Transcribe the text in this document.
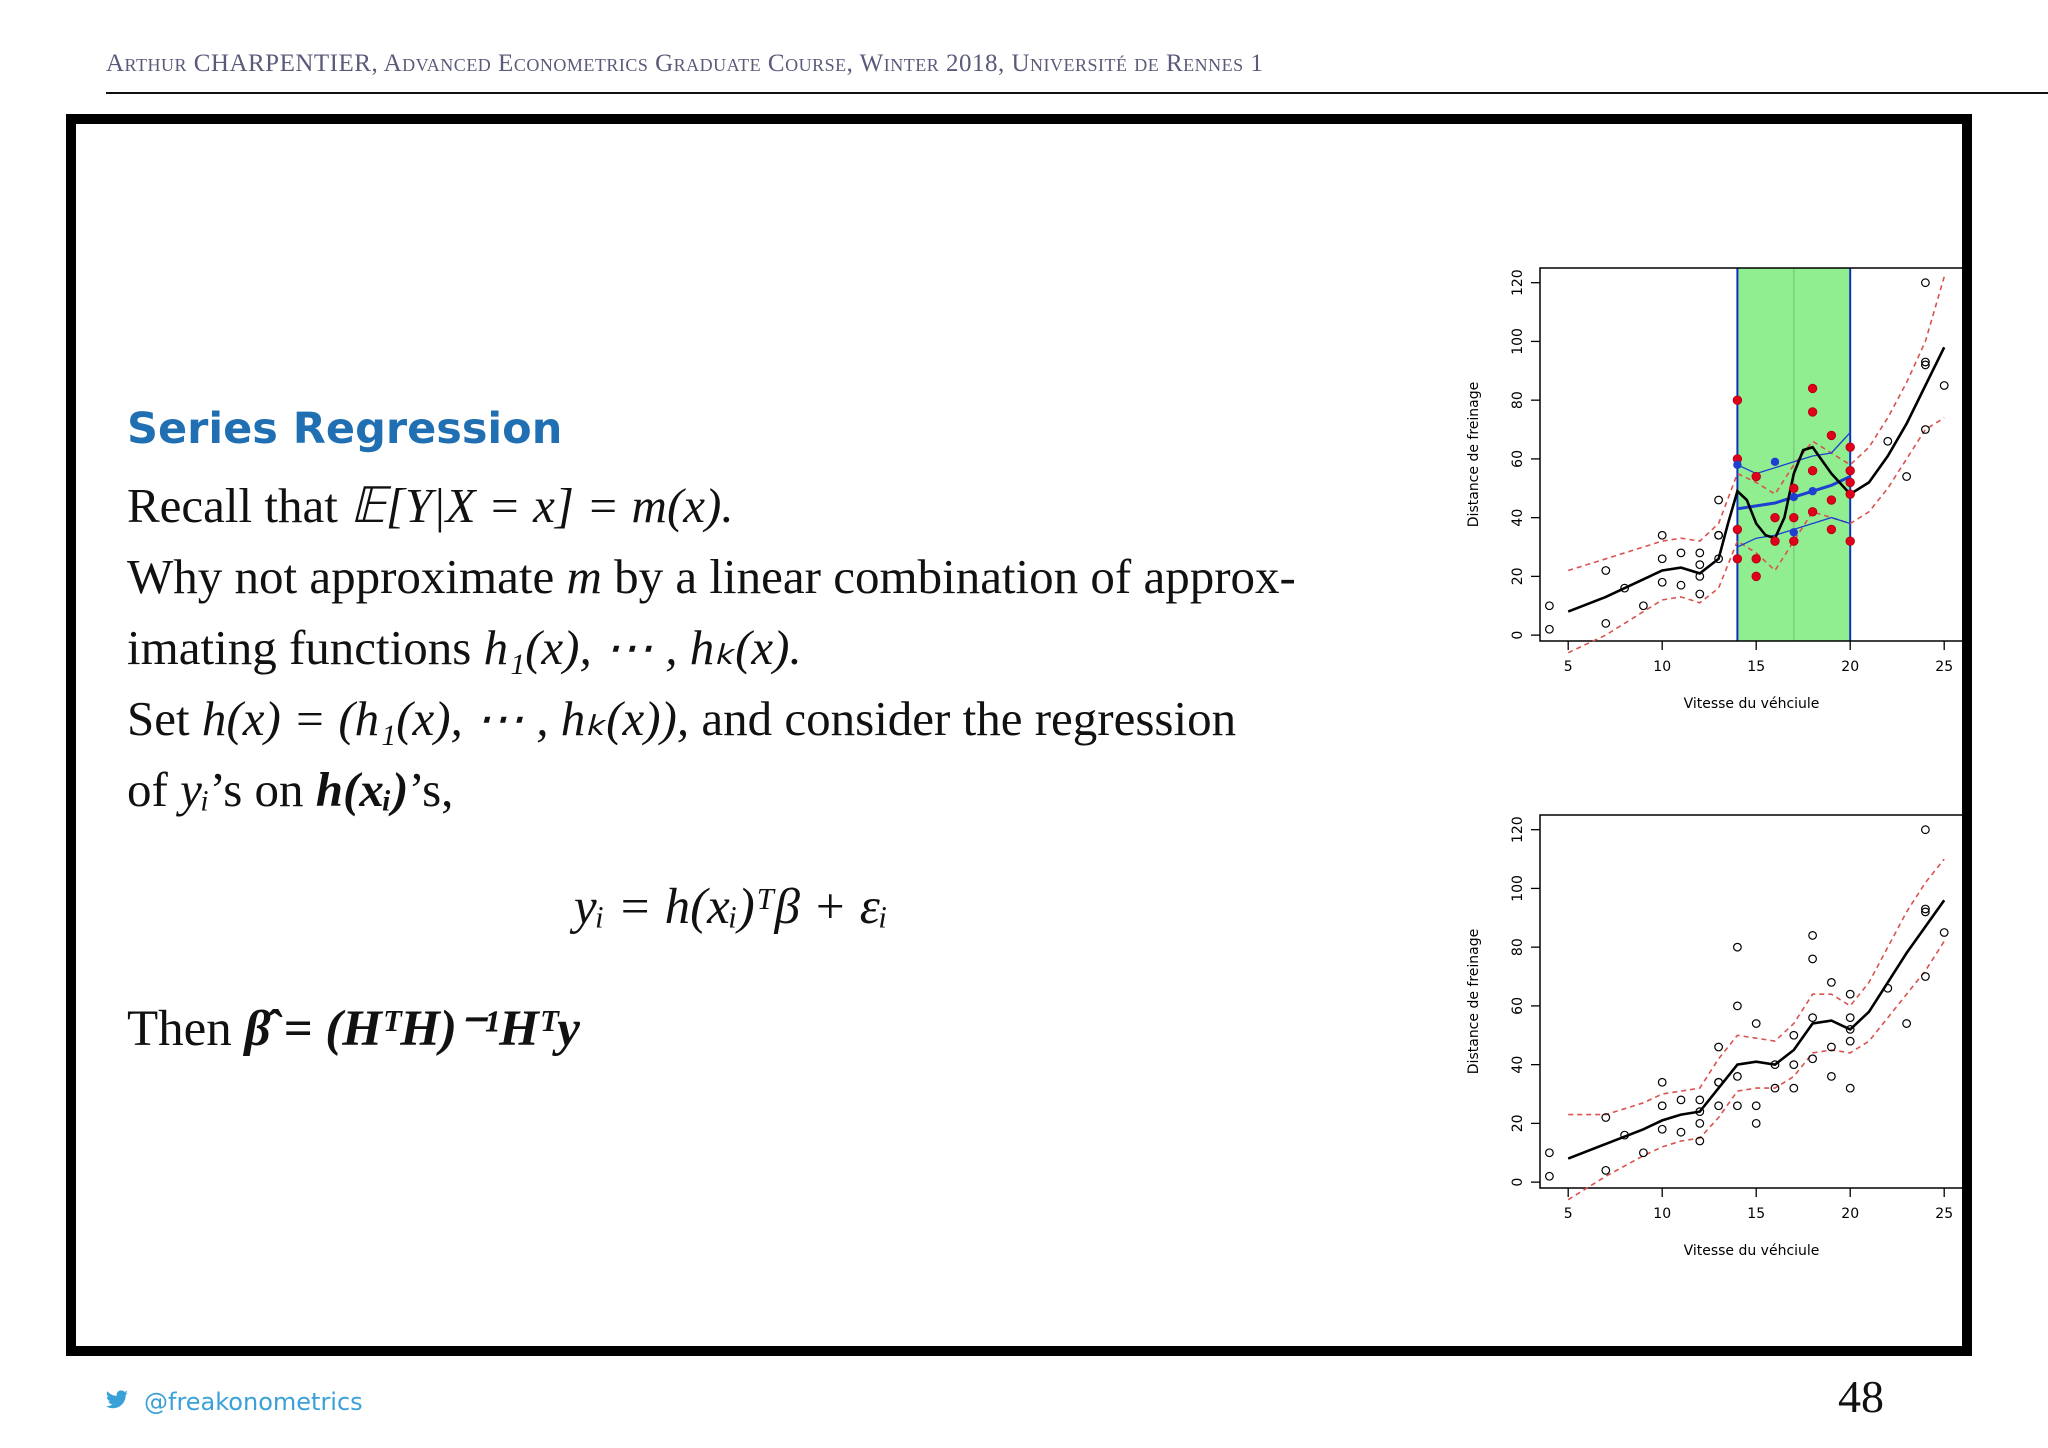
Arthur CHARPENTIER, Advanced Econometrics Graduate Course, Winter 2018, Université de Rennes 1
Series Regression
Recall that 𝔼[Y|X = x] = m(x).
Why not approximate m by a linear combination of approx-
imating functions h₁(x), ⋯ , hₖ(x).
Set h(x) = (h₁(x), ⋯ , hₖ(x)), and consider the regression
of yᵢ’s on h(xᵢ)’s,
yᵢ = h(xᵢ)ᵀβ + εᵢ
Then β̂ = (HᵀH)⁻¹Hᵀy
5	10	15	20	25
0
20
40
60
80
100
120
Vitesse du véhciule
Distance de freinage
5	10	15	20	25
0
20
40
60
80
100
120
Vitesse du véhciule
Distance de freinage
@freakonometrics	48
